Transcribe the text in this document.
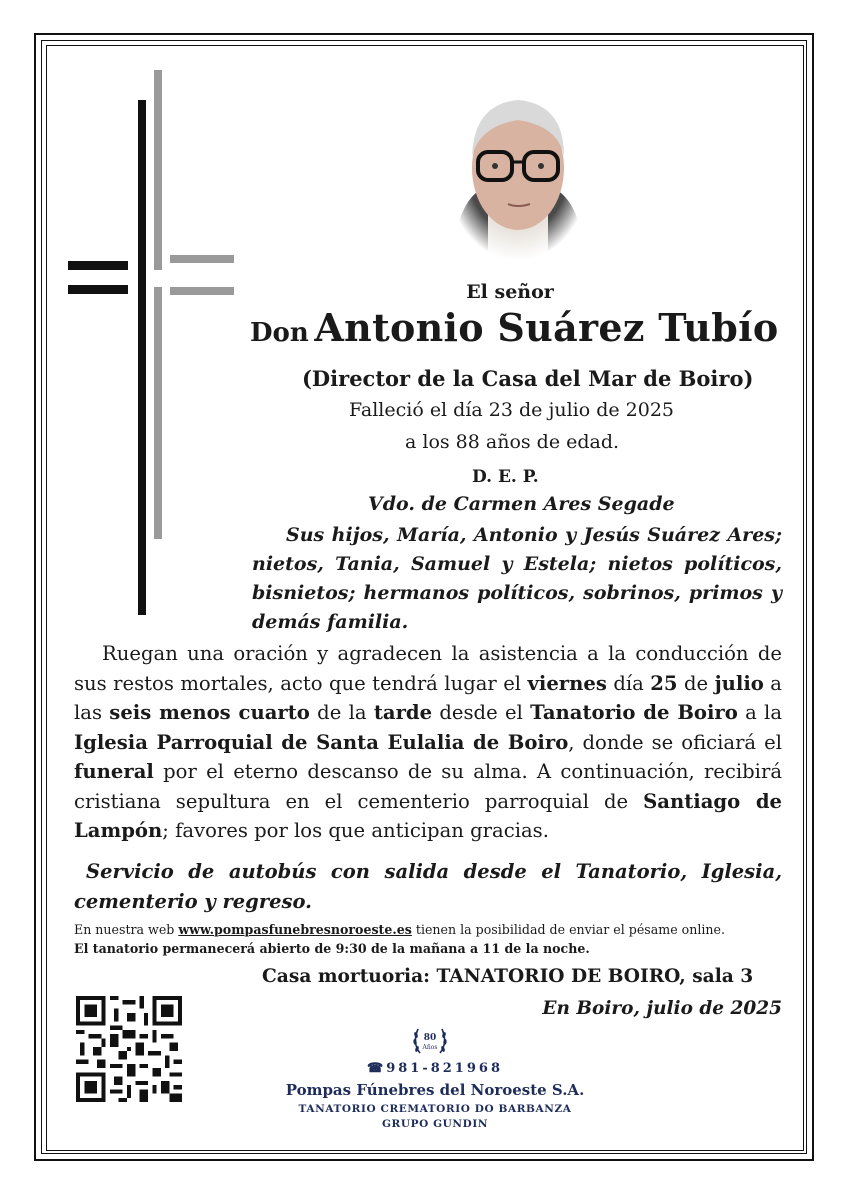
El señor
Don Antonio Suárez Tubío
(Director de la Casa del Mar de Boiro)
Falleció el día 23 de julio de 2025
a los 88 años de edad.
D. E. P.
Vdo. de Carmen Ares Segade
Sus hijos, María, Antonio y Jesús Suárez Ares; nietos, Tania, Samuel y Estela; nietos políticos, bisnietos; hermanos políticos, sobrinos, primos y demás familia.
Ruegan una oración y agradecen la asistencia a la conducción de sus restos mortales, acto que tendrá lugar el viernes día 25 de julio a las seis menos cuarto de la tarde desde el Tanatorio de Boiro a la Iglesia Parroquial de Santa Eulalia de Boiro, donde se oficiará el funeral por el eterno descanso de su alma. A continuación, recibirá cristiana sepultura en el cementerio parroquial de Santiago de Lampón; favores por los que anticipan gracias.
Servicio de autobús con salida desde el Tanatorio, Iglesia, cementerio y regreso.
En nuestra web www.pompasfunebresnoroeste.es tienen la posibilidad de enviar el pésame online.
El tanatorio permanecerá abierto de 9:30 de la mañana a 11 de la noche.
Casa mortuoria: TANATORIO DE BOIRO, sala 3
En Boiro, julio de 2025
80
Años
☎981-821968
Pompas Fúnebres del Noroeste S.A.
TANATORIO CREMATORIO DO BARBANZA
GRUPO GUNDIN
